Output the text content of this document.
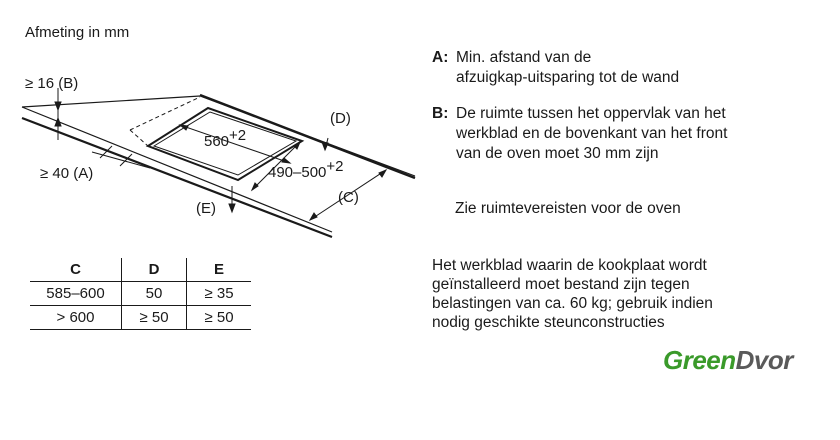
Afmeting in mm
≥ 16 (B)
≥ 40 (A)
(D)
(C)
(E)
560+2
490–500+2
C	D	E
585–600	50	≥ 35
> 600	≥ 50	≥ 50
A: Min. afstand van de
afzuigkap-uitsparing tot de wand
B: De ruimte tussen het oppervlak van het
werkblad en de bovenkant van het front
van de oven moet 30 mm zijn
Zie ruimtevereisten voor de oven
Het werkblad waarin de kookplaat wordt
geïnstalleerd moet bestand zijn tegen
belastingen van ca. 60 kg; gebruik indien
nodig geschikte steunconstructies
GreenDvor
